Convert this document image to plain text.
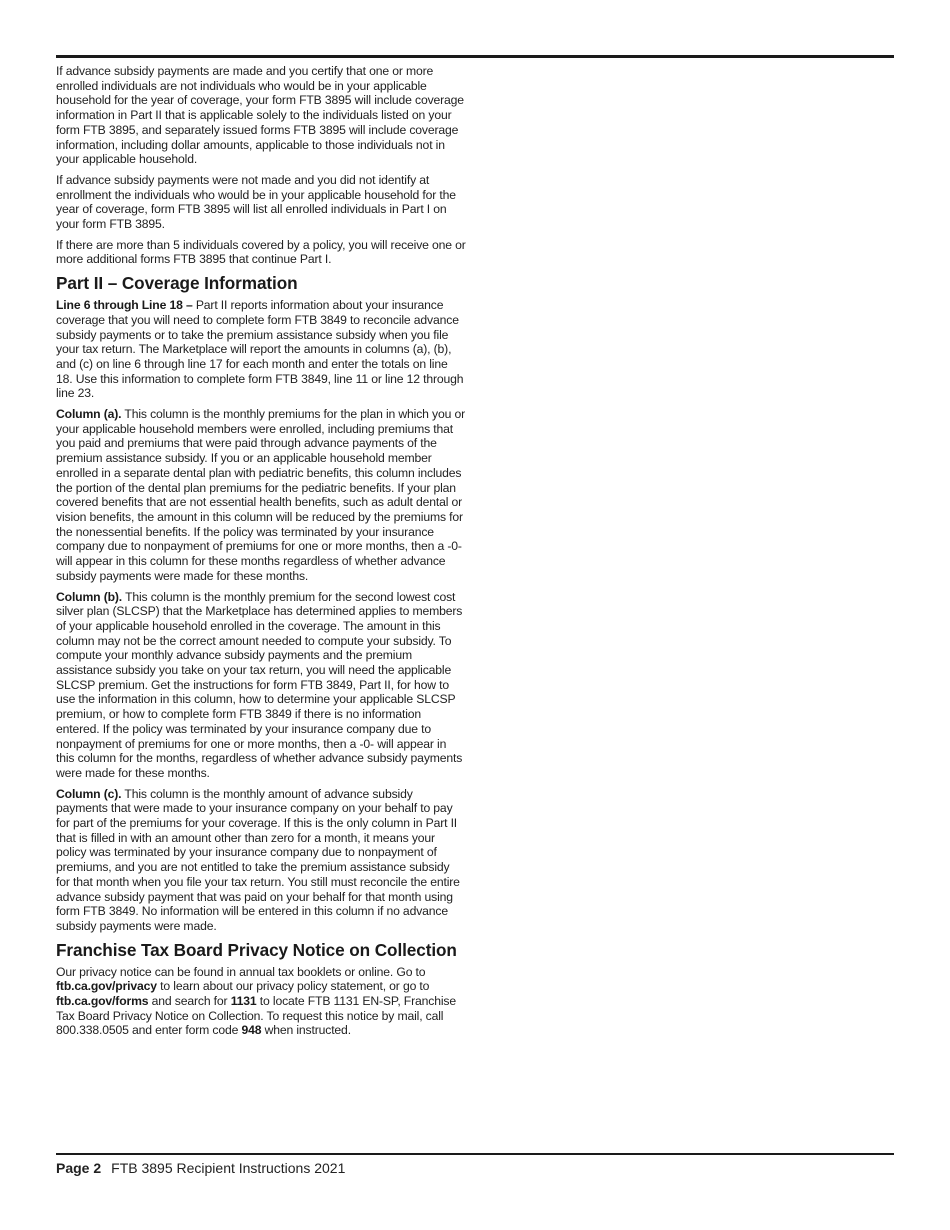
If advance subsidy payments are made and you certify that one or more enrolled individuals are not individuals who would be in your applicable household for the year of coverage, your form FTB 3895 will include coverage information in Part II that is applicable solely to the individuals listed on your form FTB 3895, and separately issued forms FTB 3895 will include coverage information, including dollar amounts, applicable to those individuals not in your applicable household.

If advance subsidy payments were not made and you did not identify at enrollment the individuals who would be in your applicable household for the year of coverage, form FTB 3895 will list all enrolled individuals in Part I on your form FTB 3895.

If there are more than 5 individuals covered by a policy, you will receive one or more additional forms FTB 3895 that continue Part I.

Part II – Coverage Information

Line 6 through Line 18 – Part II reports information about your insurance coverage that you will need to complete form FTB 3849 to reconcile advance subsidy payments or to take the premium assistance subsidy when you file your tax return. The Marketplace will report the amounts in columns (a), (b), and (c) on line 6 through line 17 for each month and enter the totals on line 18. Use this information to complete form FTB 3849, line 11 or line 12 through line 23.

Column (a). This column is the monthly premiums for the plan in which you or your applicable household members were enrolled, including premiums that you paid and premiums that were paid through advance payments of the premium assistance subsidy. If you or an applicable household member enrolled in a separate dental plan with pediatric benefits, this column includes the portion of the dental plan premiums for the pediatric benefits. If your plan covered benefits that are not essential health benefits, such as adult dental or vision benefits, the amount in this column will be reduced by the premiums for the nonessential benefits. If the policy was terminated by your insurance company due to nonpayment of premiums for one or more months, then a -0- will appear in this column for these months regardless of whether advance subsidy payments were made for these months.

Column (b). This column is the monthly premium for the second lowest cost silver plan (SLCSP) that the Marketplace has determined applies to members of your applicable household enrolled in the coverage. The amount in this column may not be the correct amount needed to compute your subsidy. To compute your monthly advance subsidy payments and the premium assistance subsidy you take on your tax return, you will need the applicable SLCSP premium. Get the instructions for form FTB 3849, Part II, for how to use the information in this column, how to determine your applicable SLCSP premium, or how to complete form FTB 3849 if there is no information entered. If the policy was terminated by your insurance company due to nonpayment of premiums for one or more months, then a -0- will appear in this column for the months, regardless of whether advance subsidy payments were made for these months.

Column (c). This column is the monthly amount of advance subsidy payments that were made to your insurance company on your behalf to pay for part of the premiums for your coverage. If this is the only column in Part II that is filled in with an amount other than zero for a month, it means your policy was terminated by your insurance company due to nonpayment of premiums, and you are not entitled to take the premium assistance subsidy for that month when you file your tax return. You still must reconcile the entire advance subsidy payment that was paid on your behalf for that month using form FTB 3849. No information will be entered in this column if no advance subsidy payments were made.

Franchise Tax Board Privacy Notice on Collection

Our privacy notice can be found in annual tax booklets or online. Go to ftb.ca.gov/privacy to learn about our privacy policy statement, or go to ftb.ca.gov/forms and search for 1131 to locate FTB 1131 EN-SP, Franchise Tax Board Privacy Notice on Collection. To request this notice by mail, call 800.338.0505 and enter form code 948 when instructed.

Page 2 FTB 3895 Recipient Instructions 2021
